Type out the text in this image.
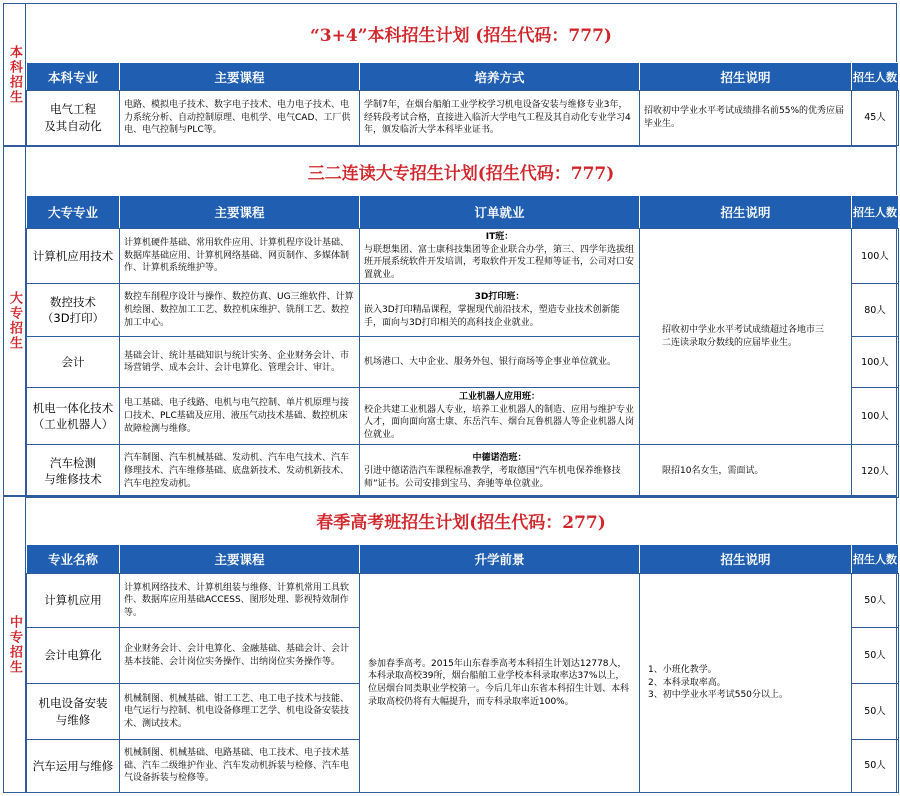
本科招生
“3+4”本科招生计划 (招生代码：777)
本科专业	主要课程	培养方式	招生说明	招生人数
电气工程
及其自动化	电路、模拟电子技术、数字电子技术、电力电子技术、电力系统分析、自动控制原理、电机学、电气CAD、工厂供电、电气控制与PLC等。	学制7年，在烟台船舶工业学校学习机电设备安装与维修专业3年，经转段考试合格，直接进入临沂大学电气工程及其自动化专业学习4年，颁发临沂大学本科毕业证书。	招收初中学业水平考试成绩排名前55%的优秀应届毕业生。	45人
大专招生
三二连读大专招生计划(招生代码：777)
大专专业	主要课程	订单就业	招生说明	招生人数
计算机应用技术	计算机硬件基础、常用软件应用、计算机程序设计基础、数据库基础应用、计算机网络基础、网页制作、多媒体制作、计算机系统维护等。	IT班：
与联想集团、富士康科技集团等企业联合办学，第三、四学年选拔组班开展系统软件开发培训，考取软件开发工程师等证书，公司对口安置就业。	招收初中学业水平考试成绩超过各地市三二连读录取分数线的应届毕业生。	100人
数控技术
（3D打印）	数控车削程序设计与操作、数控仿真、UG三维软件、计算机绘图、数控加工工艺、数控机床维护、铣削工艺、数控加工中心。	3D打印班：
嵌入3D打印精品课程，掌握现代前沿技术，塑造专业技术创新能手，面向与3D打印相关的高科技企业就业。		80人
会计	基础会计、统计基础知识与统计实务、企业财务会计、市场营销学、成本会计、会计电算化、管理会计、审计。	机场港口、大中企业、服务外包、银行商场等企事业单位就业。		100人
机电一体化技术
（工业机器人）	电工基础、电子线路、电机与电气控制、单片机原理与接口技术、PLC基础及应用、液压气动技术基础、数控机床故障检测与维修。	工业机器人应用班：
校企共建工业机器人专业，培养工业机器人的制造、应用与维护专业人才，面向面向富士康、东岳汽车、烟台瓦鲁机器人等企业机器人岗位就业。		100人
汽车检测
与维修技术	汽车制图、汽车机械基础、发动机、汽车电气技术、汽车修理技术、汽车维修基础、底盘新技术、发动机新技术、汽车电控发动机。	中德诺浩班：
引进中德诺浩汽车课程标准教学，考取德国“汽车机电保养维修技师”证书。公司安排到宝马、奔驰等单位就业。	限招10名女生，需面试。	120人
中专招生
春季高考班招生计划(招生代码：277)
专业名称	主要课程	升学前景	招生说明	招生人数
计算机应用	计算机网络技术、计算机组装与维修、计算机常用工具软件、数据库应用基础ACCESS、图形处理、影视特效制作等。	参加春季高考。2015年山东春季高考本科招生计划达12778人，本科录取高校39所，烟台船舶工业学校本科录取率达37%以上，位居烟台同类职业学校第一。今后几年山东省本科招生计划、本科录取高校仍将有大幅提升，而专科录取率近100%。	1、小班化教学。
2、本科录取率高。
3、初中学业水平考试550分以上。	50人
会计电算化	企业财务会计、会计电算化、金融基础、基础会计、会计基本技能、会计岗位实务操作、出纳岗位实务操作等。			50人
机电设备安装
与维修	机械制图、机械基础、钳工工艺、电工电子技术与技能、电气运行与控制、机电设备修理工艺学、机电设备安装技术、测试技术。			50人
汽车运用与维修	机械制图、机械基础、电路基础、电工技术、电子技术基础、汽车二级维护作业、汽车发动机拆装与检修、汽车电气设备拆装与检修等。			50人
